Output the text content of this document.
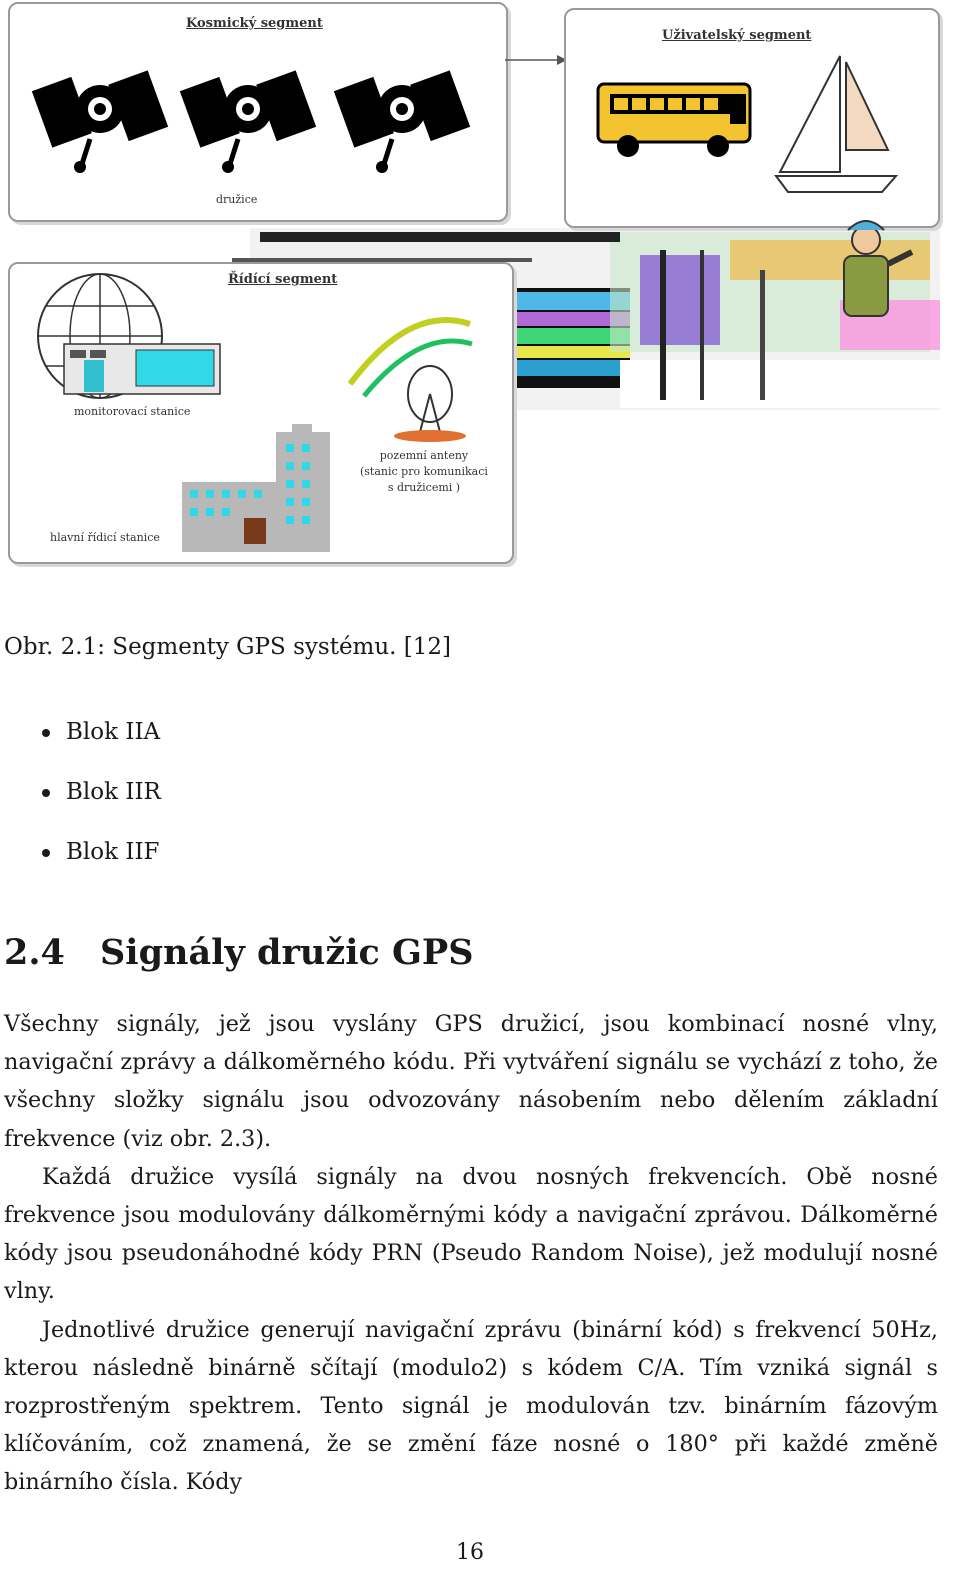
Kosmický segment
družice
Uživatelský segment
Řídící segment
monitorovací stanice
pozemní anteny
(stanic pro komunikaci
s družicemi )
hlavní řídicí stanice
Obr. 2.1: Segmenty GPS systému. [12]
Blok IIA
Blok IIR
Blok IIF
2.4 Signály družic GPS

Všechny signály, jež jsou vyslány GPS družicí, jsou kombinací nosné vlny, navigační zprávy a dálkoměrného kódu. Při vytváření signálu se vychází z toho, že všechny složky signálu jsou odvozovány násobením nebo dělením základní frekvence (viz obr. 2.3).

Každá družice vysílá signály na dvou nosných frekvencích. Obě nosné frekvence jsou modulovány dálkoměrnými kódy a navigační zprávou. Dálkoměrné kódy jsou pseudonáhodné kódy PRN (Pseudo Random Noise), jež modulují nosné vlny.

Jednotlivé družice generují navigační zprávu (binární kód) s frekvencí 50Hz, kterou následně binárně sčítají (modulo2) s kódem C/A. Tím vzniká signál s rozprostřeným spektrem. Tento signál je modulován tzv. binárním fázovým klíčováním, což znamená, že se změní fáze nosné o 180° při každé změně binárního čísla. Kódy

16
